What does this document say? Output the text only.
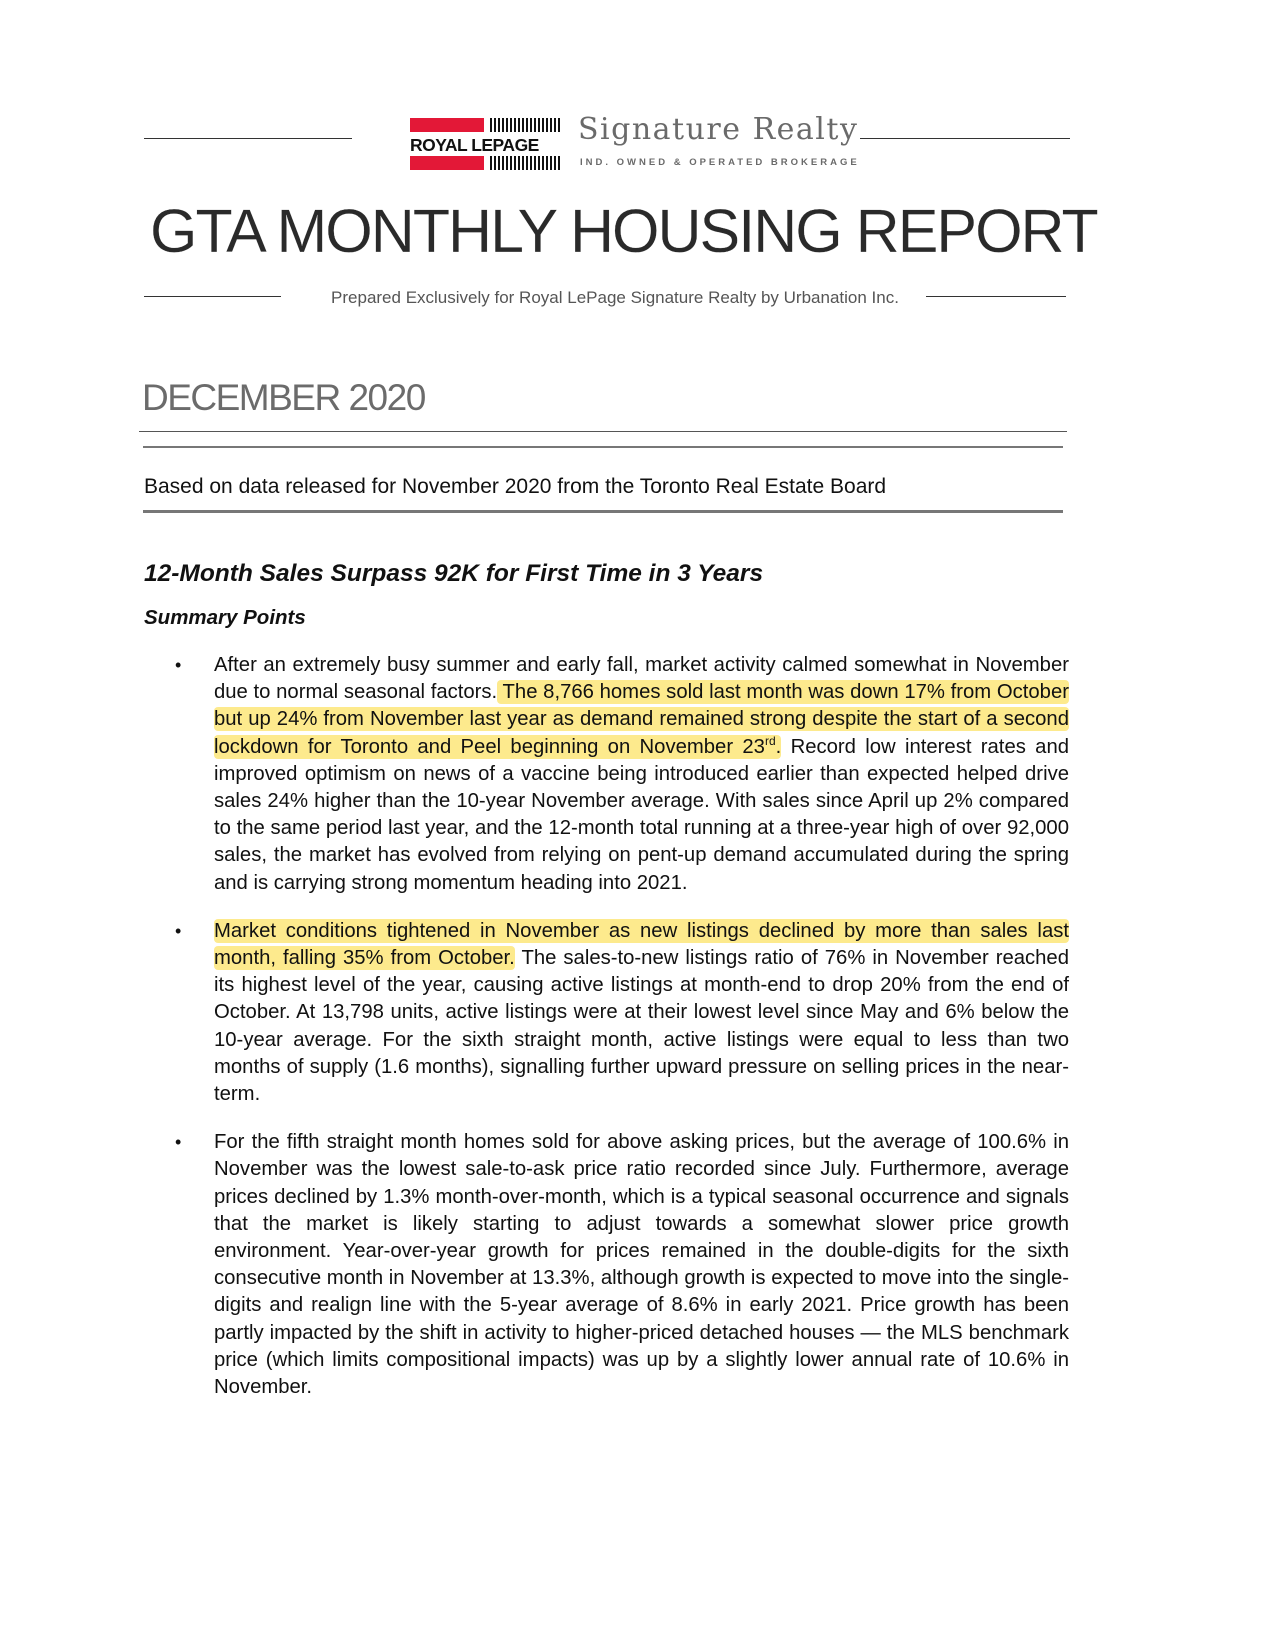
ROYAL LEPAGE	Signature Realty
IND. OWNED & OPERATED BROKERAGE
GTA MONTHLY HOUSING REPORT
Prepared Exclusively for Royal LePage Signature Realty by Urbanation Inc.
DECEMBER 2020
Based on data released for November 2020 from the Toronto Real Estate Board
12-Month Sales Surpass 92K for First Time in 3 Years
Summary Points
• After an extremely busy summer and early fall, market activity calmed somewhat in November due to normal seasonal factors. The 8,766 homes sold last month was down 17% from October but up 24% from November last year as demand remained strong despite the start of a second lockdown for Toronto and Peel beginning on November 23rd. Record low interest rates and improved optimism on news of a vaccine being introduced earlier than expected helped drive sales 24% higher than the 10-year November average. With sales since April up 2% compared to the same period last year, and the 12-month total running at a three-year high of over 92,000 sales, the market has evolved from relying on pent-up demand accumulated during the spring and is carrying strong momentum heading into 2021.
• Market conditions tightened in November as new listings declined by more than sales last month, falling 35% from October. The sales-to-new listings ratio of 76% in November reached its highest level of the year, causing active listings at month-end to drop 20% from the end of October. At 13,798 units, active listings were at their lowest level since May and 6% below the 10-year average. For the sixth straight month, active listings were equal to less than two months of supply (1.6 months), signalling further upward pressure on selling prices in the near-term.
• For the fifth straight month homes sold for above asking prices, but the average of 100.6% in November was the lowest sale-to-ask price ratio recorded since July. Furthermore, average prices declined by 1.3% month-over-month, which is a typical seasonal occurrence and signals that the market is likely starting to adjust towards a somewhat slower price growth environment. Year-over-year growth for prices remained in the double-digits for the sixth consecutive month in November at 13.3%, although growth is expected to move into the single-digits and realign line with the 5-year average of 8.6% in early 2021. Price growth has been partly impacted by the shift in activity to higher-priced detached houses — the MLS benchmark price (which limits compositional impacts) was up by a slightly lower annual rate of 10.6% in November.
